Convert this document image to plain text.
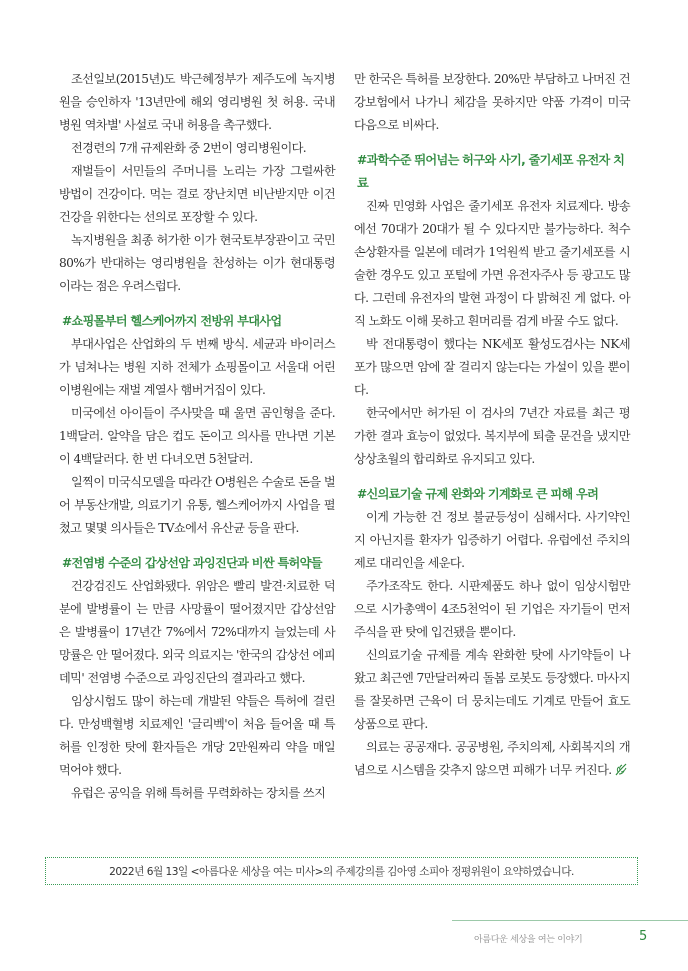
조선일보(2015년)도 박근혜정부가 제주도에 녹지병원을 승인하자 '13년만에 해외 영리병원 첫 허용. 국내병원 역차별' 사설로 국내 허용을 촉구했다.

전경련의 7개 규제완화 중 2번이 영리병원이다.

재벌들이 서민들의 주머니를 노리는 가장 그럴싸한 방법이 건강이다. 먹는 걸로 장난치면 비난받지만 이건 건강을 위한다는 선의로 포장할 수 있다.

녹지병원을 최종 허가한 이가 현국토부장관이고 국민 80%가 반대하는 영리병원을 찬성하는 이가 현대통령이라는 점은 우려스럽다.

#쇼핑몰부터 헬스케어까지 전방위 부대사업

부대사업은 산업화의 두 번째 방식. 세균과 바이러스가 넘쳐나는 병원 지하 전체가 쇼핑몰이고 서울대 어린이병원에는 재벌 계열사 햄버거집이 있다.

미국에선 아이들이 주사맞을 때 울면 곰인형을 준다. 1백달러. 알약을 담은 컵도 돈이고 의사를 만나면 기본이 4백달러다. 한 번 다녀오면 5천달러.

일찍이 미국식모델을 따라간 O병원은 수술로 돈을 벌어 부동산개발, 의료기기 유통, 헬스케어까지 사업을 펼쳤고 몇몇 의사들은 TV쇼에서 유산균 등을 판다.

#전염병 수준의 갑상선암 과잉진단과 비싼 특허약들

건강검진도 산업화됐다. 위암은 빨리 발견·치료한 덕분에 발병률이 는 만큼 사망률이 떨어졌지만 갑상선암은 발병률이 17년간 7%에서 72%대까지 늘었는데 사망률은 안 떨어졌다. 외국 의료지는 '한국의 갑상선 에피데믹' 전염병 수준으로 과잉진단의 결과라고 했다.

임상시험도 많이 하는데 개발된 약들은 특허에 걸린다. 만성백혈병 치료제인 '글리벡'이 처음 들어올 때 특허를 인정한 탓에 환자들은 개당 2만원짜리 약을 매일 먹어야 했다.

유럽은 공익을 위해 특허를 무력화하는 장치를 쓰지

만 한국은 특허를 보장한다. 20%만 부담하고 나머진 건강보험에서 나가니 체감을 못하지만 약품 가격이 미국 다음으로 비싸다.

#과학수준 뛰어넘는 허구와 사기, 줄기세포 유전자 치료

진짜 민영화 사업은 줄기세포 유전자 치료제다. 방송에선 70대가 20대가 될 수 있다지만 불가능하다. 척수손상환자를 일본에 데려가 1억원씩 받고 줄기세포를 시술한 경우도 있고 포털에 가면 유전자주사 등 광고도 많다. 그런데 유전자의 발현 과정이 다 밝혀진 게 없다. 아직 노화도 이해 못하고 흰머리를 검게 바꿀 수도 없다.

박 전대통령이 했다는 NK세포 활성도검사는 NK세포가 많으면 암에 잘 걸리지 않는다는 가설이 있을 뿐이다.

한국에서만 허가된 이 검사의 7년간 자료를 최근 평가한 결과 효능이 없었다. 복지부에 퇴출 문건을 냈지만 상상초월의 합리화로 유지되고 있다.

#신의료기술 규제 완화와 기계화로 큰 피해 우려

이게 가능한 건 정보 불균등성이 심해서다. 사기약인지 아닌지를 환자가 입증하기 어렵다. 유럽에선 주치의제로 대리인을 세운다.

주가조작도 한다. 시판제품도 하나 없이 임상시험만으로 시가총액이 4조5천억이 된 기업은 자기들이 먼저 주식을 판 탓에 입건됐을 뿐이다.

신의료기술 규제를 계속 완화한 탓에 사기약들이 나왔고 최근엔 7만달러짜리 돌봄 로봇도 등장했다. 마사지를 잘못하면 근육이 더 뭉치는데도 기계로 만들어 효도상품으로 판다.

의료는 공공재다. 공공병원, 주치의제, 사회복지의 개념으로 시스템을 갖추지 않으면 피해가 너무 커진다.

2022년 6월 13일 <아름다운 세상을 여는 미사>의 주제강의를 김아영 소피아 정평위원이 요약하였습니다.
아름다운 세상을 여는 이야기	5
